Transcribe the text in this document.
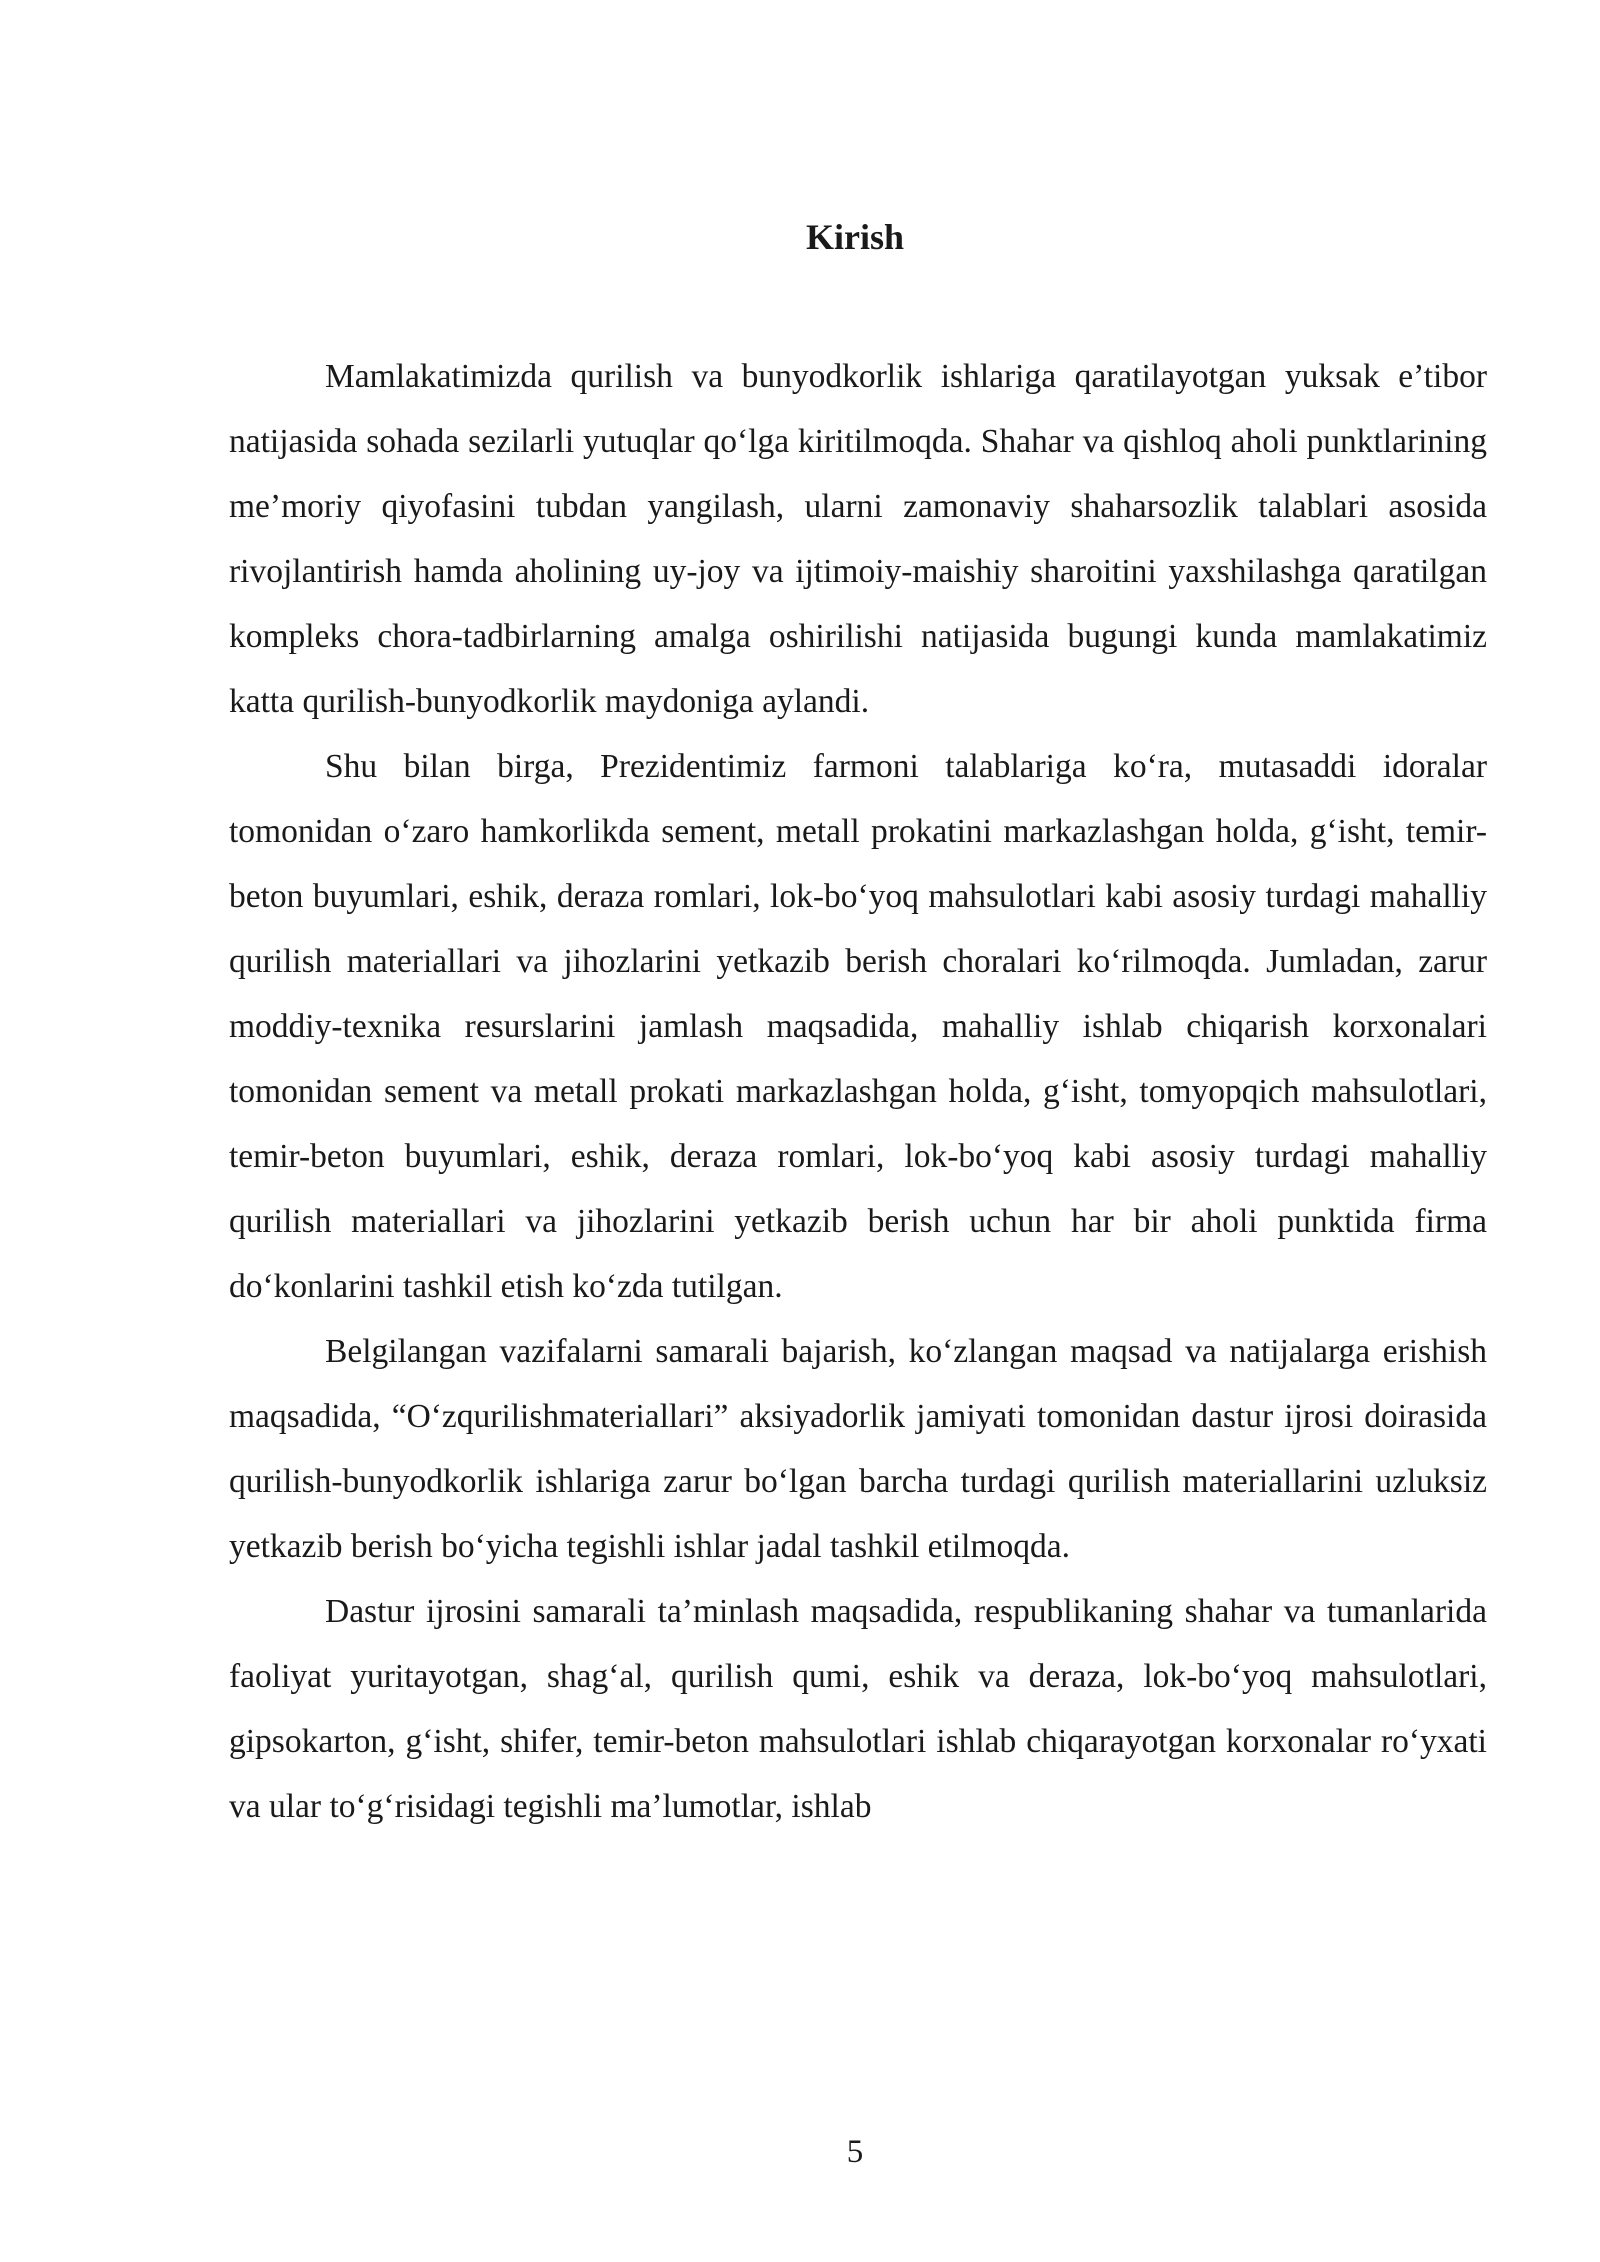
Kirish

Mamlakatimizda qurilish va bunyodkorlik ishlariga qaratilayotgan yuksak e’tibor natijasida sohada sezilarli yutuqlar qo‘lga kiritilmoqda. Shahar va qishloq aholi punktlarining me’moriy qiyofasini tubdan yangilash, ularni zamonaviy shaharsozlik talablari asosida rivojlantirish hamda aholining uy-joy va ijtimoiy-maishiy sharoitini yaxshilashga qaratilgan kompleks chora-tadbirlarning amalga oshirilishi natijasida bugungi kunda mamlakatimiz katta qurilish-bunyodkorlik maydoniga aylandi.

Shu bilan birga, Prezidentimiz farmoni talablariga ko‘ra, mutasaddi idoralar tomonidan o‘zaro hamkorlikda sement, metall prokatini markazlashgan holda, g‘isht, temir-beton buyumlari, eshik, deraza romlari, lok-bo‘yoq mahsulotlari kabi asosiy turdagi mahalliy qurilish materiallari va jihozlarini yetkazib berish choralari ko‘rilmoqda. Jumladan, zarur moddiy-texnika resurslarini jamlash maqsadida, mahalliy ishlab chiqarish korxonalari tomonidan sement va metall prokati markazlashgan holda, g‘isht, tomyopqich mahsulotlari, temir-beton buyumlari, eshik, deraza romlari, lok-bo‘yoq kabi asosiy turdagi mahalliy qurilish materiallari va jihozlarini yetkazib berish uchun har bir aholi punktida firma do‘konlarini tashkil etish ko‘zda tutilgan.

Belgilangan vazifalarni samarali bajarish, ko‘zlangan maqsad va natijalarga erishish maqsadida, “O‘zqurilishmateriallari” aksiyadorlik jamiyati tomonidan dastur ijrosi doirasida qurilish-bunyodkorlik ishlariga zarur bo‘lgan barcha turdagi qurilish materiallarini uzluksiz yetkazib berish bo‘yicha tegishli ishlar jadal tashkil etilmoqda.

Dastur ijrosini samarali ta’minlash maqsadida, respublikaning shahar va tumanlarida faoliyat yuritayotgan, shag‘al, qurilish qumi, eshik va deraza, lok-bo‘yoq mahsulotlari, gipsokarton, g‘isht, shifer, temir-beton mahsulotlari ishlab chiqarayotgan korxonalar ro‘yxati va ular to‘g‘risidagi tegishli ma’lumotlar, ishlab

5
